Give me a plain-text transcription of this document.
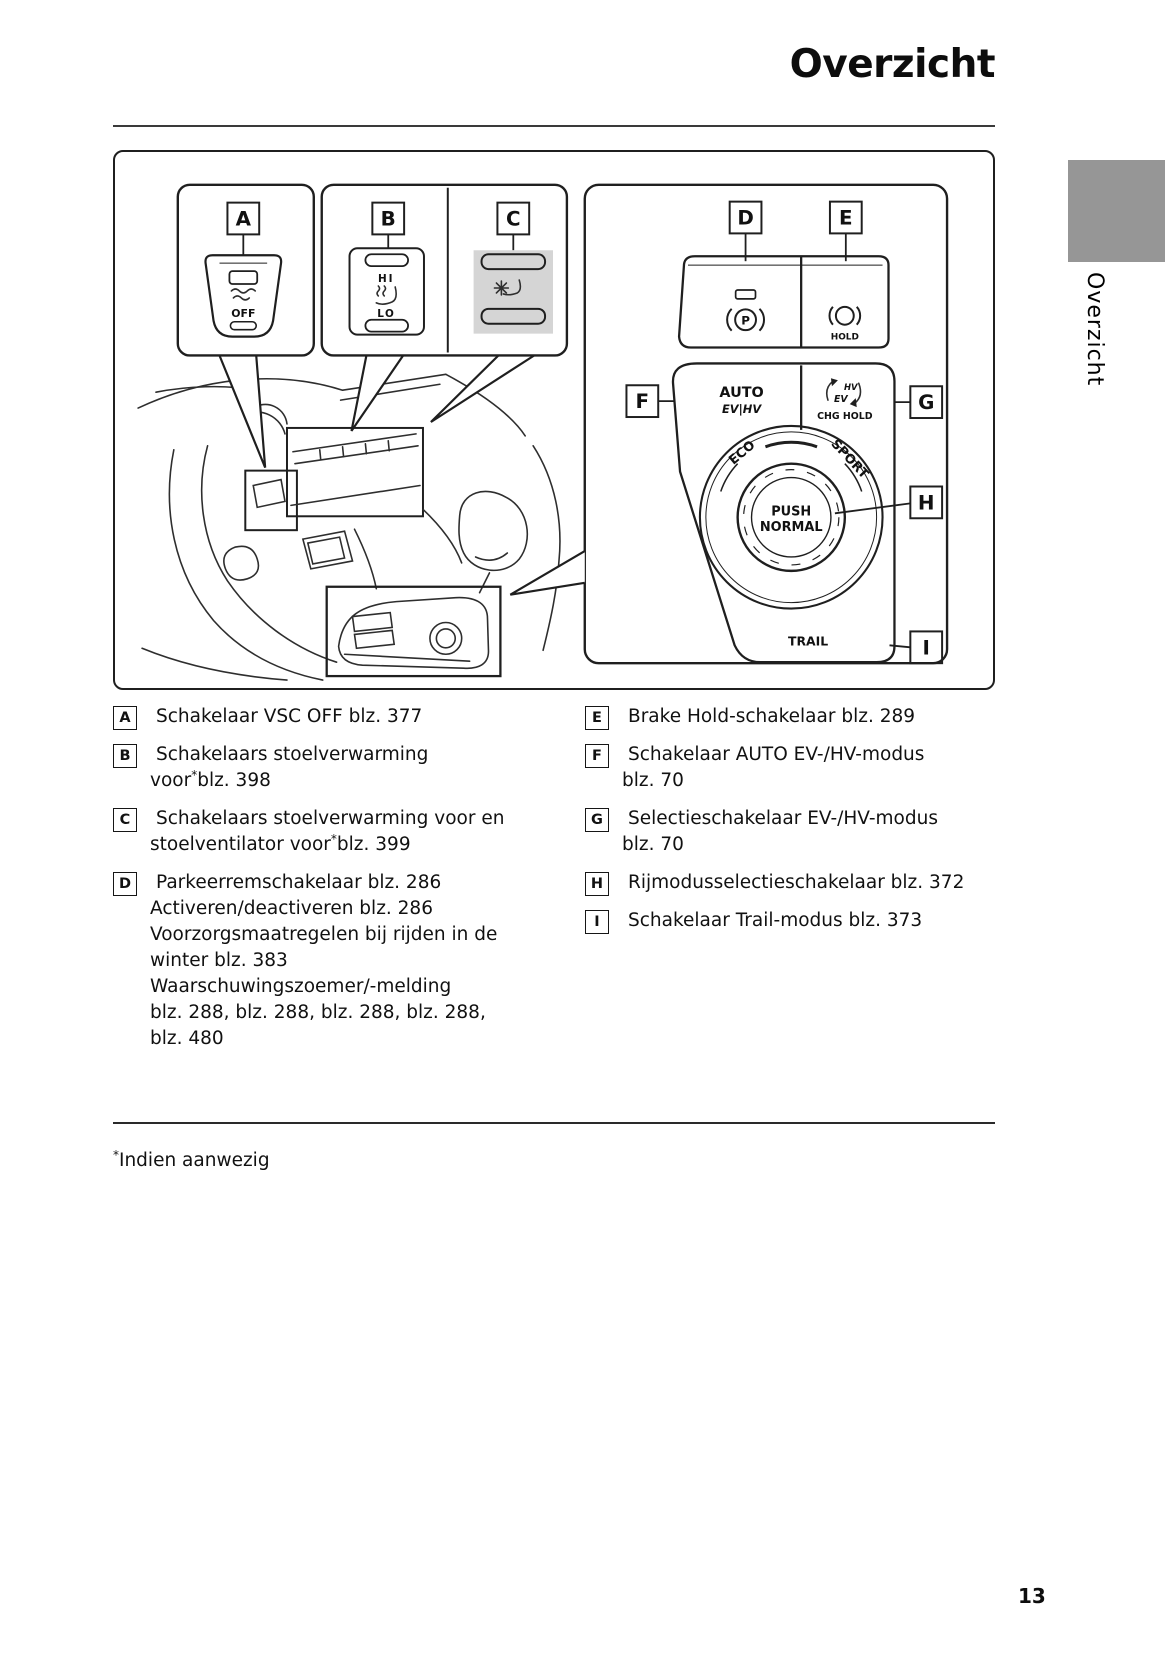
Overzicht
Overzicht
A
OFF
B
HI
LO
C
AUTO
EV|HV
HV
EV
CHG HOLD
ECO	SPORT
PUSH
NORMAL
TRAIL
P
HOLD
D	E
F	G
H
I
A	Schakelaar VSC OFF blz. 377
B	Schakelaars stoelverwarming
voor*blz. 398
C	Schakelaars stoelverwarming voor en
stoelventilator voor*blz. 399
D	Parkeerremschakelaar blz. 286
Activeren/deactiveren blz. 286
Voorzorgsmaatregelen bij rijden in de
winter blz. 383
Waarschuwingszoemer/-melding
blz. 288, blz. 288, blz. 288, blz. 288,
blz. 480
E	Brake Hold-schakelaar blz. 289
F	Schakelaar AUTO EV-/HV-modus
blz. 70
G	Selectieschakelaar EV-/HV-modus
blz. 70
H	Rijmodusselectieschakelaar blz. 372
I	Schakelaar Trail-modus blz. 373
*Indien aanwezig
13
